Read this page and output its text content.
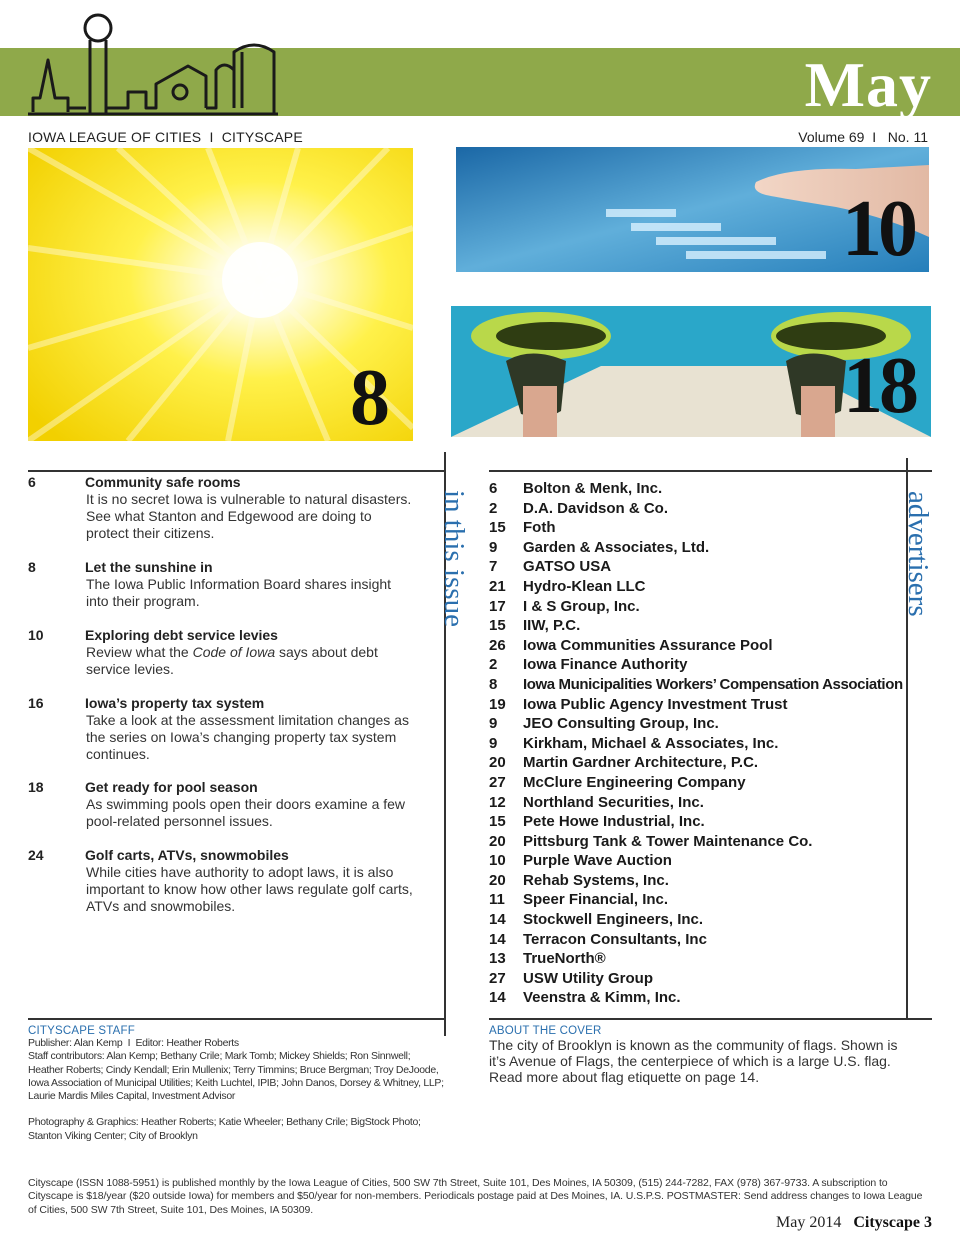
May
IOWA LEAGUE OF CITIES  I  CITYSCAPE	Volume 69  I   No. 11
8
10
18
in this issue	advertisers
6	Community safe rooms
It is no secret Iowa is vulnerable to natural disasters. See what Stanton and Edgewood are doing to protect their citizens.
8	Let the sunshine in
The Iowa Public Information Board shares insight into their program.
10	Exploring debt service levies
Review what the Code of Iowa says about debt service levies.
16	Iowa’s property tax system
Take a look at the assessment limitation changes as the series on Iowa’s changing property tax system continues.
18	Get ready for pool season
As swimming pools open their doors examine a few pool-related personnel issues.
24	Golf carts, ATVs, snowmobiles
While cities have authority to adopt laws, it is also important to know how other laws regulate golf carts, ATVs and snowmobiles.
6 Bolton & Menk, Inc.
2 D.A. Davidson & Co.
15 Foth
9 Garden & Associates, Ltd.
7 GATSO USA
21 Hydro-Klean LLC
17 I & S Group, Inc.
15 IIW, P.C.
26 Iowa Communities Assurance Pool
2 Iowa Finance Authority
8 Iowa Municipalities Workers’ Compensation Association
19 Iowa Public Agency Investment Trust
9 JEO Consulting Group, Inc.
9 Kirkham, Michael & Associates, Inc.
20 Martin Gardner Architecture, P.C.
27 McClure Engineering Company
12 Northland Securities, Inc.
15 Pete Howe Industrial, Inc.
20 Pittsburg Tank & Tower Maintenance Co.
10 Purple Wave Auction
20 Rehab Systems, Inc.
11 Speer Financial, Inc.
14 Stockwell Engineers, Inc.
14 Terracon Consultants, Inc
13 TrueNorth®
27 USW Utility Group
14 Veenstra & Kimm, Inc.
CITYSCAPE STAFF
Publisher: Alan Kemp  I  Editor: Heather Roberts
Staff contributors: Alan Kemp; Bethany Crile; Mark Tomb; Mickey Shields; Ron Sinnwell; Heather Roberts; Cindy Kendall; Erin Mullenix; Terry Timmins; Bruce Bergman; Troy DeJoode, Iowa Association of Municipal Utilities; Keith Luchtel, IPIB; John Danos, Dorsey & Whitney, LLP; Laurie Mardis Miles Capital, Investment Advisor
Photography & Graphics: Heather Roberts; Katie Wheeler; Bethany Crile; BigStock Photo; Stanton Viking Center; City of Brooklyn
ABOUT THE COVER
The city of Brooklyn is known as the community of flags. Shown is it’s Avenue of Flags, the centerpiece of which is a large U.S. flag. Read more about flag etiquette on page 14.
Cityscape (ISSN 1088-5951) is published monthly by the Iowa League of Cities, 500 SW 7th Street, Suite 101, Des Moines, IA 50309, (515) 244-7282, FAX (978) 367-9733. A subscription to Cityscape is $18/year ($20 outside Iowa) for members and $50/year for non-members. Periodicals postage paid at Des Moines, IA. U.S.P.S. POSTMASTER: Send address changes to Iowa League of Cities, 500 SW 7th Street, Suite 101, Des Moines, IA 50309.
May 2014 Cityscape 3
